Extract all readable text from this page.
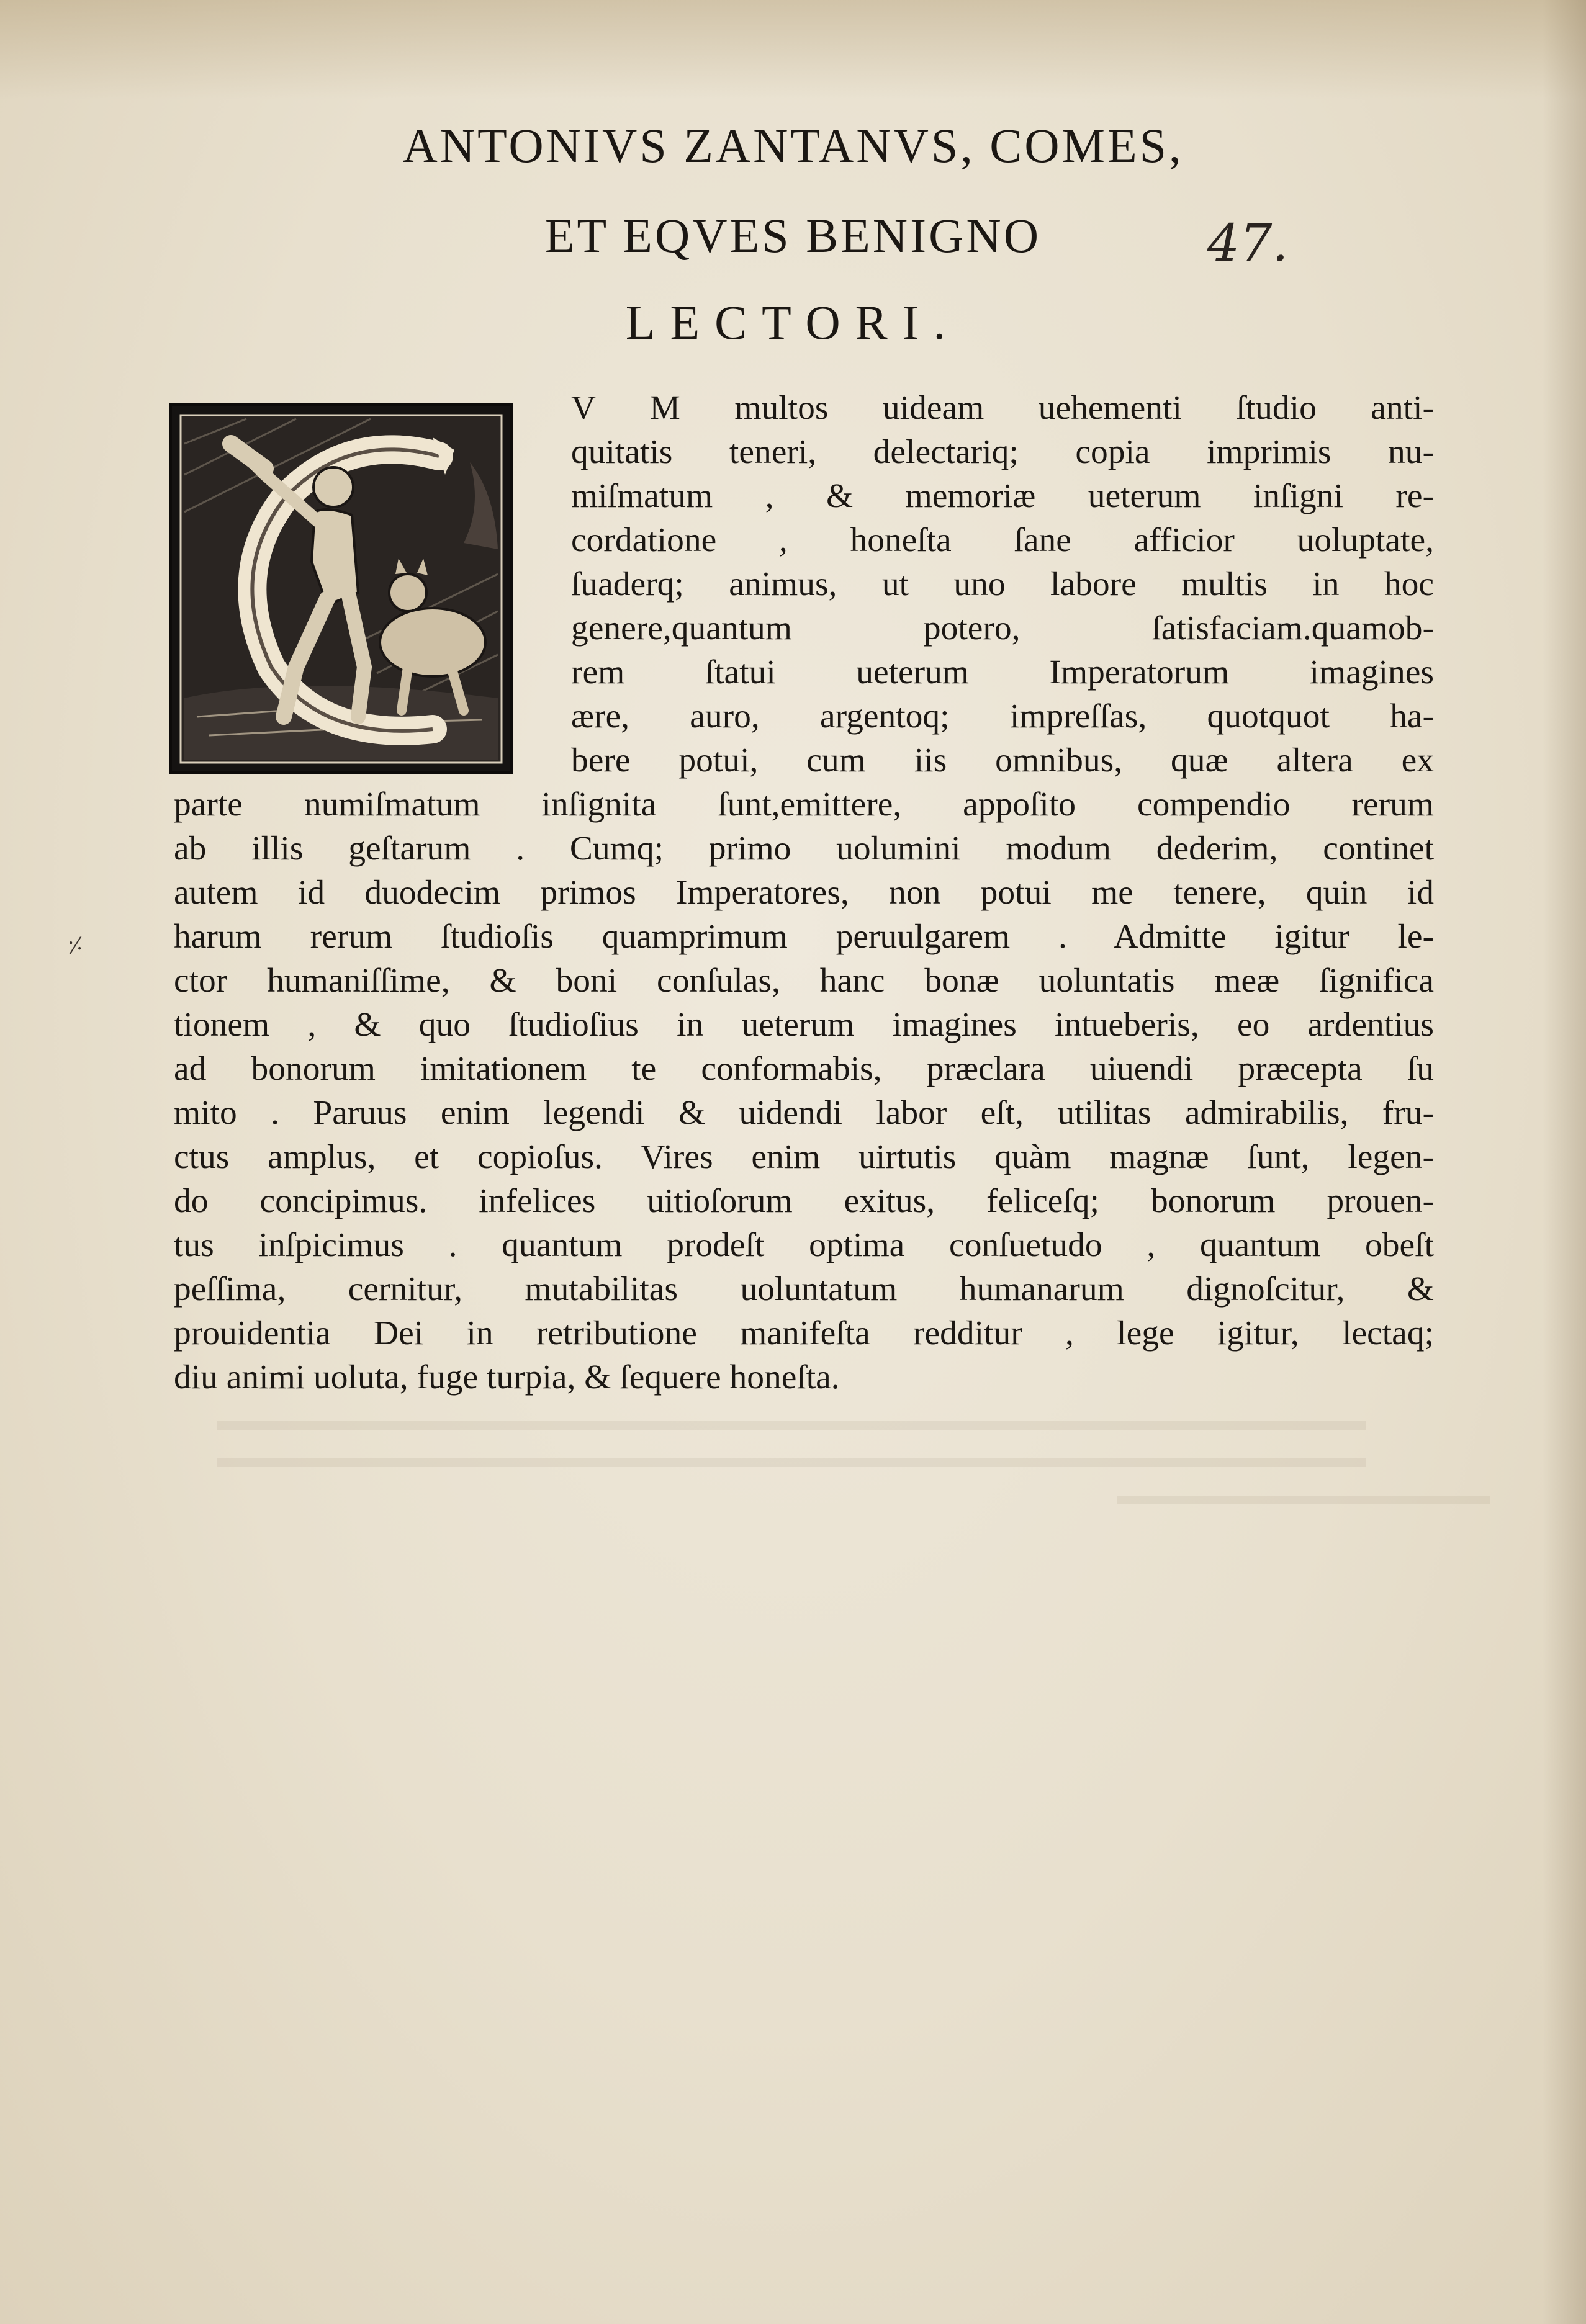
ANTONIVS ZANTANVS, COMES,
ET EQVES BENIGNO
LECTORI.
47.
V M multos uideam uehementi ſtudio anti-
quitatis teneri, delectariq; copia imprimis nu-
miſmatum , & memoriæ ueterum inſigni re-
cordatione , honeſta ſane afficior uoluptate,
ſuaderq; animus, ut uno labore multis in hoc
genere,quantum potero, ſatisfaciam.quamob-
rem ſtatui ueterum Imperatorum imagines
ære, auro, argentoq; impreſſas, quotquot ha-
bere potui, cum iis omnibus, quæ altera ex
parte numiſmatum inſignita ſunt,emittere, appoſito compendio rerum
ab illis geſtarum . Cumq; primo uolumini modum dederim, continet
autem id duodecim primos Imperatores, non potui me tenere, quin id
harum rerum ſtudioſis quamprimum peruulgarem . Admitte igitur le-
ctor humaniſſime, & boni conſulas, hanc bonæ uoluntatis meæ ſignifica
tionem , & quo ſtudioſius in ueterum imagines intueberis, eo ardentius
ad bonorum imitationem te conformabis, præclara uiuendi præcepta ſu
mito . Paruus enim legendi & uidendi labor eſt, utilitas admirabilis, fru-
ctus amplus, et copioſus. Vires enim uirtutis quàm magnæ ſunt, legen-
do concipimus. infelices uitioſorum exitus, feliceſq; bonorum prouen-
tus inſpicimus . quantum prodeſt optima conſuetudo , quantum obeſt
peſſima, cernitur, mutabilitas uoluntatum humanarum dignoſcitur, &
prouidentia Dei in retributione manifeſta redditur , lege igitur, lectaq;
diu animi uoluta, fuge turpia, & ſequere honeſta.
⸓
